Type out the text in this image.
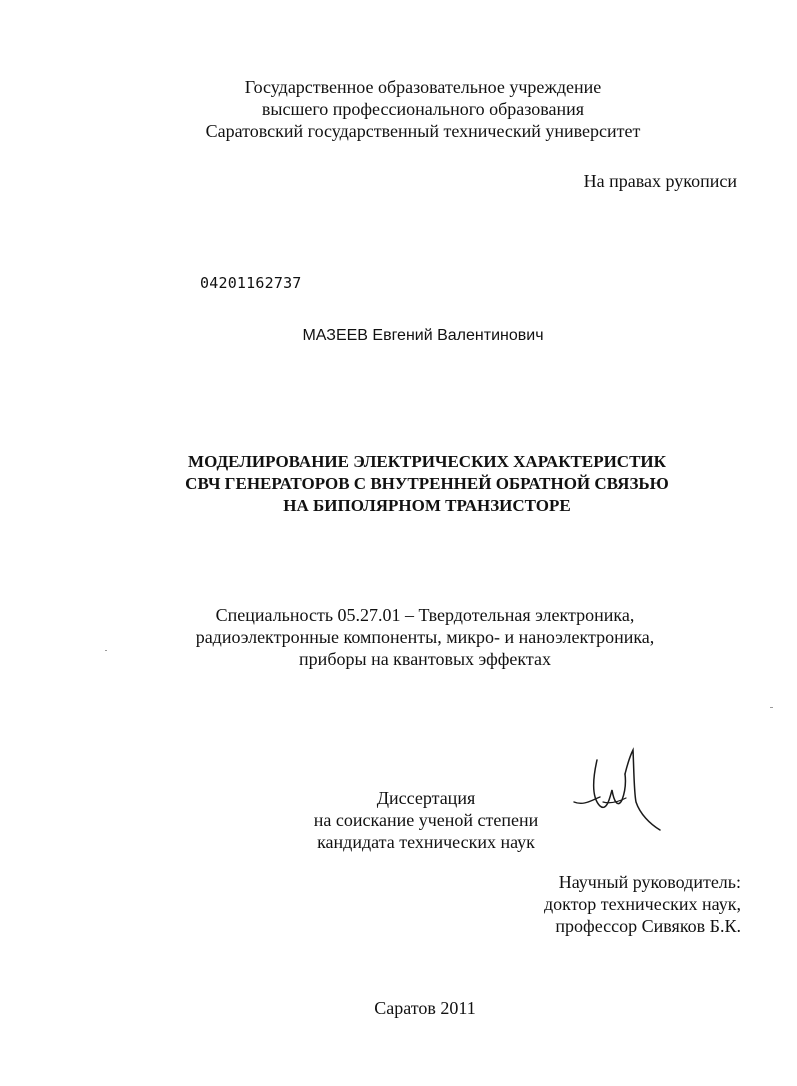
Государственное образовательное учреждение
высшего профессионального образования
Саратовский государственный технический университет
На правах рукописи
04201162737
МАЗЕЕВ Евгений Валентинович
МОДЕЛИРОВАНИЕ ЭЛЕКТРИЧЕСКИХ ХАРАКТЕРИСТИК
СВЧ ГЕНЕРАТОРОВ С ВНУТРЕННЕЙ ОБРАТНОЙ СВЯЗЬЮ
НА БИПОЛЯРНОМ ТРАНЗИСТОРЕ
Специальность 05.27.01 – Твердотельная электроника,
радиоэлектронные компоненты, микро- и наноэлектроника,
приборы на квантовых эффектах
Диссертация
на соискание ученой степени
кандидата технических наук
Научный руководитель:
доктор технических наук,
профессор Сивяков Б.К.
Саратов 2011
